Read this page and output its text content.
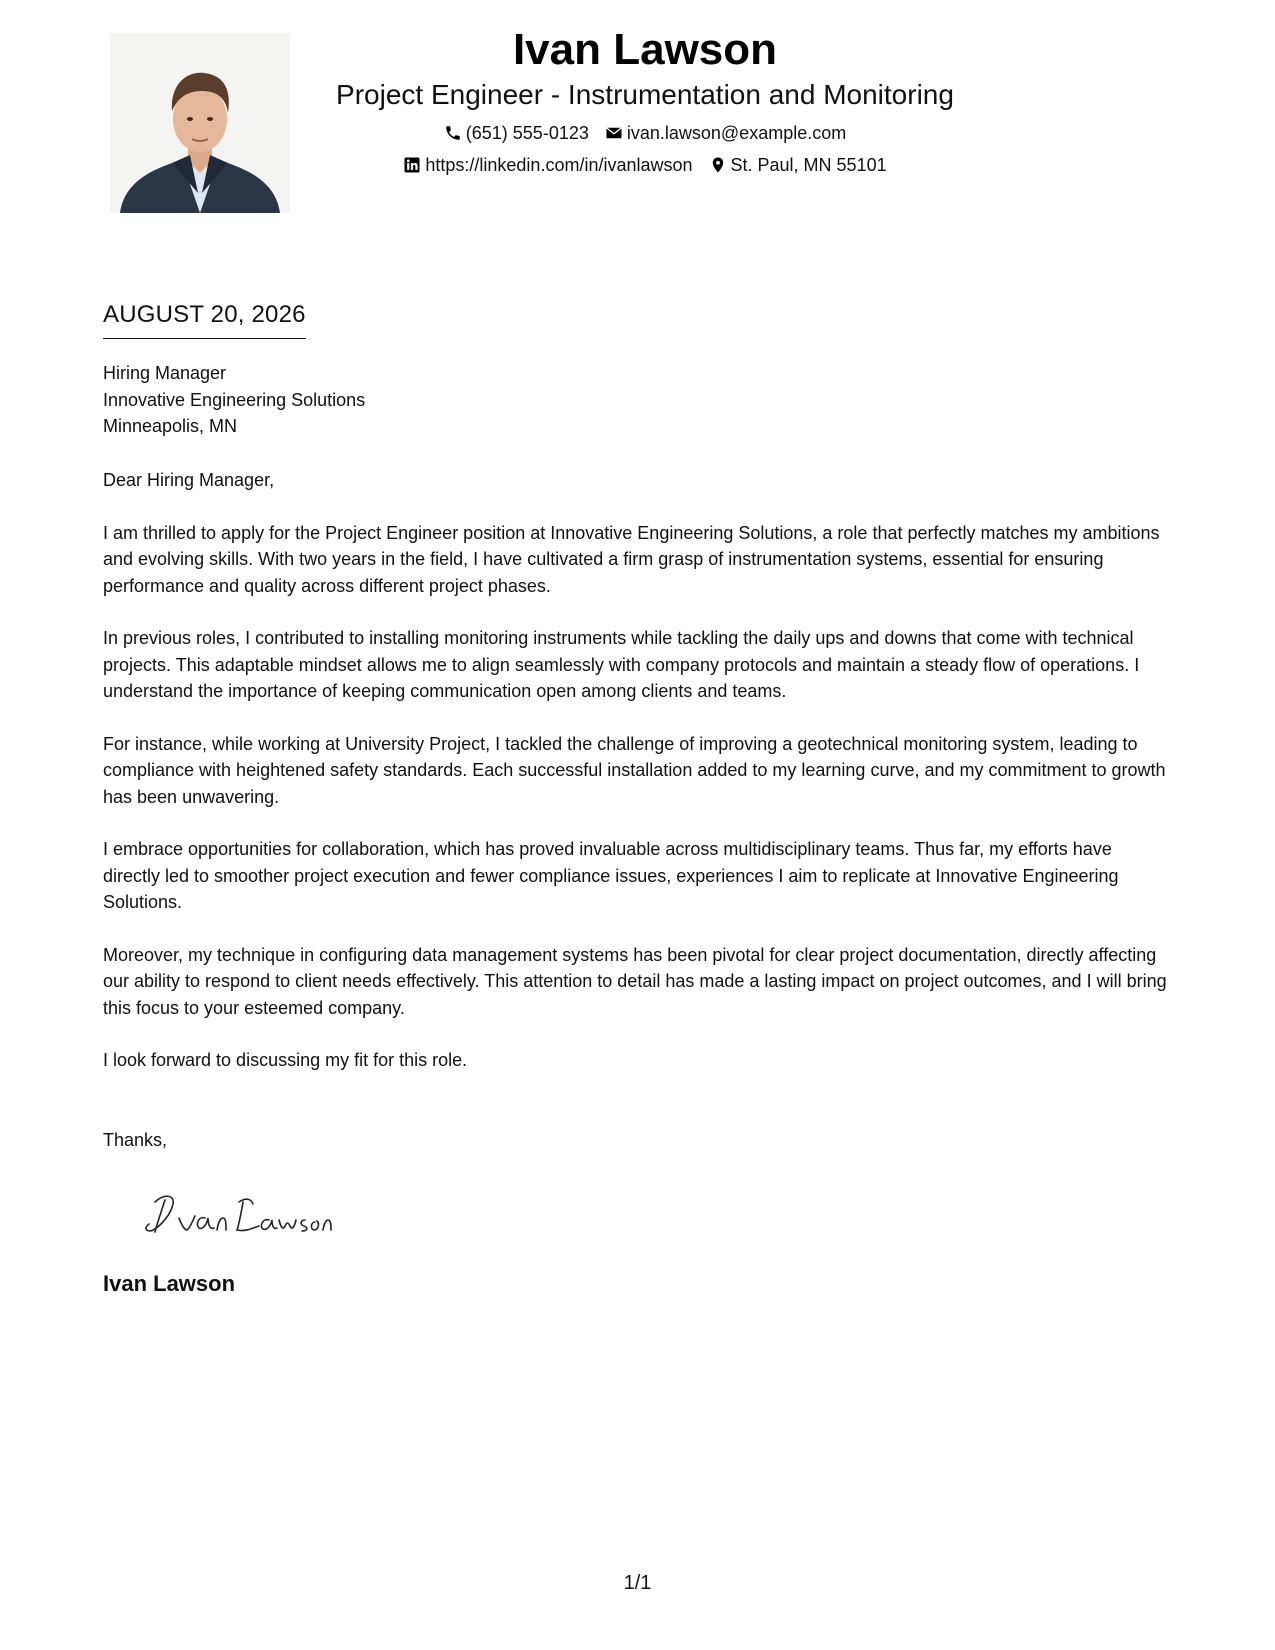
Ivan Lawson

Project Engineer - Instrumentation and Monitoring

(651) 555-0123 ivan.lawson@example.com
https://linkedin.com/in/ivanlawson St. Paul, MN 55101
AUGUST 20, 2026
Hiring Manager
Innovative Engineering Solutions
Minneapolis, MN

Dear Hiring Manager,

I am thrilled to apply for the Project Engineer position at Innovative Engineering Solutions, a role that perfectly matches my ambitions and evolving skills. With two years in the field, I have cultivated a firm grasp of instrumentation systems, essential for ensuring performance and quality across different project phases.

In previous roles, I contributed to installing monitoring instruments while tackling the daily ups and downs that come with technical projects. This adaptable mindset allows me to align seamlessly with company protocols and maintain a steady flow of operations. I understand the importance of keeping communication open among clients and teams.

For instance, while working at University Project, I tackled the challenge of improving a geotechnical monitoring system, leading to compliance with heightened safety standards. Each successful installation added to my learning curve, and my commitment to growth has been unwavering.

I embrace opportunities for collaboration, which has proved invaluable across multidisciplinary teams. Thus far, my efforts have directly led to smoother project execution and fewer compliance issues, experiences I aim to replicate at Innovative Engineering Solutions.

Moreover, my technique in configuring data management systems has been pivotal for clear project documentation, directly affecting our ability to respond to client needs effectively. This attention to detail has made a lasting impact on project outcomes, and I will bring this focus to your esteemed company.

I look forward to discussing my fit for this role.

Thanks,
Ivan Lawson
1/1
